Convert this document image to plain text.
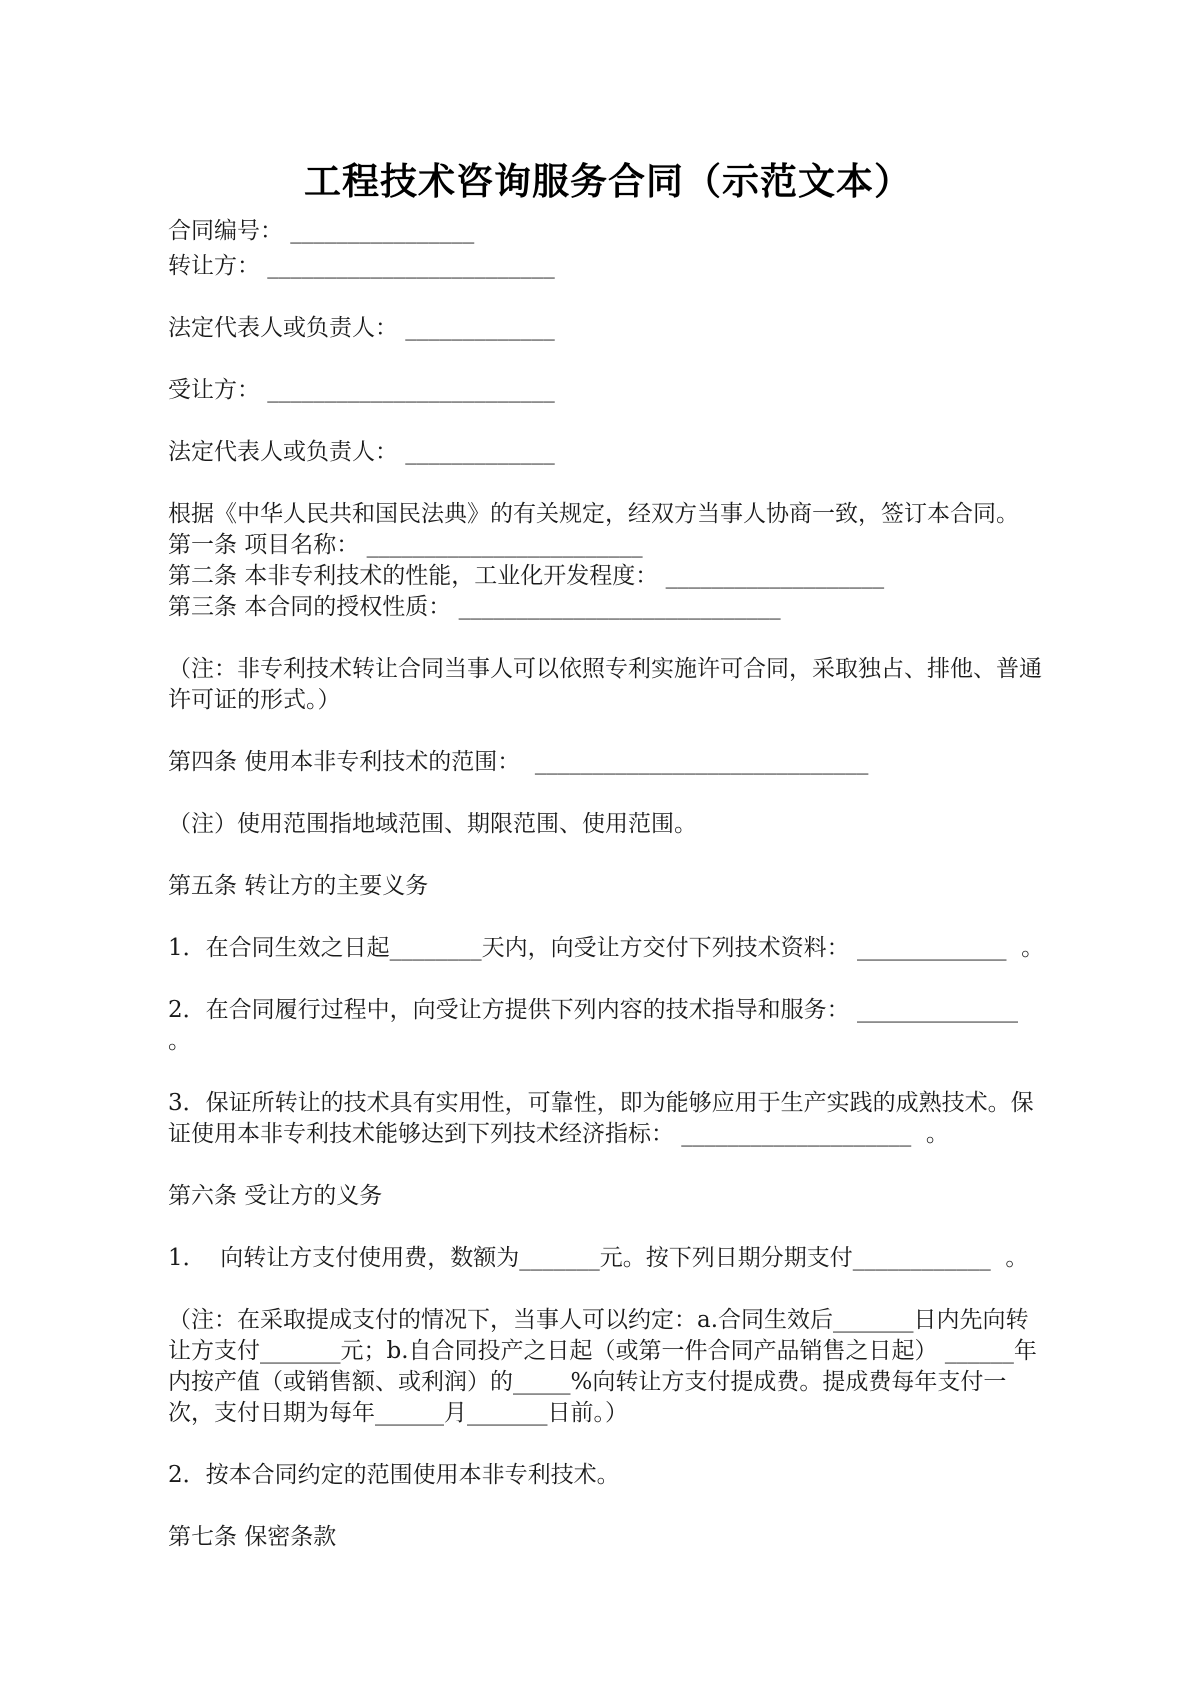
工程技术咨询服务合同（示范文本）

合同编号： ________________

转让方： _________________________

法定代表人或负责人： _____________

受让方： _________________________

法定代表人或负责人： _____________

根据《中华人民共和国民法典》的有关规定，经双方当事人协商一致，签订本合同。

第一条 项目名称： ________________________

第二条 本非专利技术的性能，工业化开发程度： ___________________

第三条 本合同的授权性质： ____________________________

（注：非专利技术转让合同当事人可以依照专利实施许可合同，采取独占、排他、普通许可证的形式。）

第四条 使用本非专利技术的范围：  _____________________________

（注）使用范围指地域范围、期限范围、使用范围。

第五条 转让方的主要义务

1．在合同生效之日起________天内，向受让方交付下列技术资料： _____________  。

2．在合同履行过程中，向受让方提供下列内容的技术指导和服务： ______________  。

3．保证所转让的技术具有实用性，可靠性，即为能够应用于生产实践的成熟技术。保证使用本非专利技术能够达到下列技术经济指标： ____________________  。

第六条 受让方的义务

1．  向转让方支付使用费，数额为_______元。按下列日期分期支付____________  。

（注：在采取提成支付的情况下，当事人可以约定：a.合同生效后_______日内先向转让方支付_______元；b.自合同投产之日起（或第一件合同产品销售之日起） ______年内按产值（或销售额、或利润）的_____%向转让方支付提成费。提成费每年支付一次，支付日期为每年______月_______日前。）

2．按本合同约定的范围使用本非专利技术。

第七条 保密条款
